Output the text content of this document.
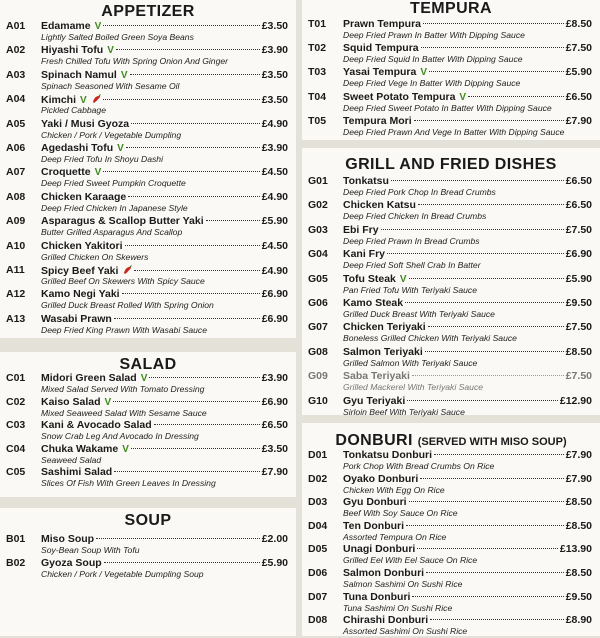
APPETIZER
A01 Edamame V	£3.50
Lightly Salted Boiled Green Soya Beans
A02 Hiyashi Tofu V	£3.90
Fresh Chilled Tofu With Spring Onion And Ginger
A03 Spinach Namul V	£3.50
Spinach Seasoned With Sesame Oil
A04 Kimchi V	£3.50
Pickled Cabbage
A05 Yaki / Musi Gyoza	£4.90
Chicken / Pork / Vegetable Dumpling
A06 Agedashi Tofu V	£3.90
Deep Fried Tofu In Shoyu Dashi
A07 Croquette V	£4.50
Deep Fried Sweet Pumpkin Croquette
A08 Chicken Karaage	£4.90
Deep Fried Chicken In Japanese Style
A09 Asparagus & Scallop Butter Yaki	£5.90
Butter Grilled Asparagus And Scallop
A10 Chicken Yakitori	£4.50
Grilled Chicken On Skewers
A11 Spicy Beef Yaki	£4.90
Grilled Beef On Skewers With Spicy Sauce
A12 Kamo Negi Yaki	£6.90
Grilled Duck Breast Rolled With Spring Onion
A13 Wasabi Prawn	£6.90
Deep Fried King Prawn With Wasabi Sauce
SALAD
C01 Midori Green Salad V	£3.90
Mixed Salad Served With Tomato Dressing
C02 Kaiso Salad V	£6.90
Mixed Seaweed Salad With Sesame Sauce
C03 Kani & Avocado Salad	£6.50
Snow Crab Leg And Avocado In Dressing
C04 Chuka Wakame V	£3.50
Seaweed Salad
C05 Sashimi Salad	£7.90
Slices Of Fish With Green Leaves In Dressing
SOUP
B01 Miso Soup	£2.00
Soy-Bean Soup With Tofu
B02 Gyoza Soup	£5.90
Chicken / Pork / Vegetable Dumpling Soup
TEMPURA
T01 Prawn Tempura	£8.50
Deep Fried Prawn In Batter With Dipping Sauce
T02 Squid Tempura	£7.50
Deep Fried Squid In Batter With Dipping Sauce
T03 Yasai Tempura V	£5.90
Deep Fried Vege In Batter With Dipping Sauce
T04 Sweet Potato Tempura V	£6.50
Deep Fried Sweet Potato In Batter With Dipping Sauce
T05 Tempura Mori	£7.90
Deep Fried Prawn And Vege In Batter With Dipping Sauce
GRILL AND FRIED DISHES
G01 Tonkatsu	£6.50
Deep Fried Pork Chop In Bread Crumbs
G02 Chicken Katsu	£6.50
Deep Fried Chicken In Bread Crumbs
G03 Ebi Fry	£7.50
Deep Fried Prawn In Bread Crumbs
G04 Kani Fry	£6.90
Deep Fried Soft Shell Crab In Batter
G05 Tofu Steak V	£5.90
Pan Fried Tofu With Teriyaki Sauce
G06 Kamo Steak	£9.50
Grilled Duck Breast With Teriyaki Sauce
G07 Chicken Teriyaki	£7.50
Boneless Grilled Chicken With Teriyaki Sauce
G08 Salmon Teriyaki	£8.50
Grilled Salmon With Teriyaki Sauce
G09 Saba Teriyaki	£7.50
Grilled Mackerel With Teriyaki Sauce
G10 Gyu Teriyaki	£12.90
Sirloin Beef With Teriyaki Sauce
DONBURI (SERVED WITH MISO SOUP)
D01 Tonkatsu Donburi	£7.90
Pork Chop With Bread Crumbs On Rice
D02 Oyako Donburi	£7.90
Chicken With Egg On Rice
D03 Gyu Donburi	£8.50
Beef With Soy Sauce On Rice
D04 Ten Donburi	£8.50
Assorted Tempura On Rice
D05 Unagi Donburi	£13.90
Grilled Eel With Eel Sauce On Rice
D06 Salmon Donburi	£8.50
Salmon Sashimi On Sushi Rice
D07 Tuna Donburi	£9.50
Tuna Sashimi On Sushi Rice
D08 Chirashi Donburi	£8.90
Assorted Sashimi On Sushi Rice
